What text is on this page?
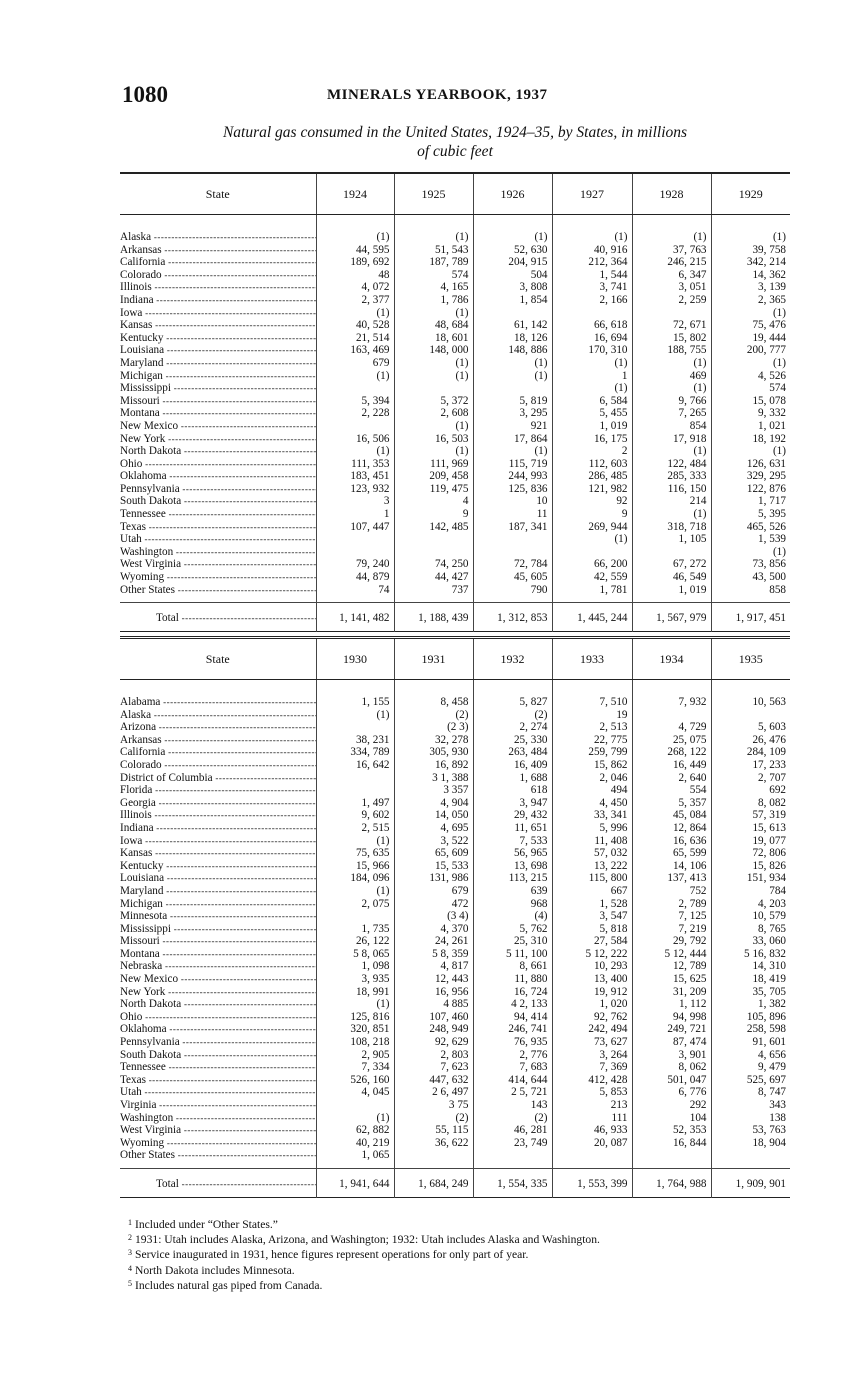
1080	MINERALS YEARBOOK, 1937
Natural gas consumed in the United States, 1924–35, by States, in millions
of cubic feet
State	1924	1925	1926	1927	1928	1929
Alaska -----	(1)	(1)	(1)	(1)	(1)	(1)
Arkansas -----	44, 595	51, 543	52, 630	40, 916	37, 763	39, 758
California -----	189, 692	187, 789	204, 915	212, 364	246, 215	342, 214
Colorado -----	48	574	504	1, 544	6, 347	14, 362
Illinois -----	4, 072	4, 165	3, 808	3, 741	3, 051	3, 139
Indiana -----	2, 377	1, 786	1, 854	2, 166	2, 259	2, 365
Iowa -----	(1)	(1)				(1)
Kansas -----	40, 528	48, 684	61, 142	66, 618	72, 671	75, 476
Kentucky -----	21, 514	18, 601	18, 126	16, 694	15, 802	19, 444
Louisiana -----	163, 469	148, 000	148, 886	170, 310	188, 755	200, 777
Maryland -----	679	(1)	(1)	(1)	(1)	(1)
Michigan -----	(1)	(1)	(1)	1	469	4, 526
Mississippi -----				(1)	(1)	574
Missouri -----	5, 394	5, 372	5, 819	6, 584	9, 766	15, 078
Montana -----	2, 228	2, 608	3, 295	5, 455	7, 265	9, 332
New Mexico -----		(1)	921	1, 019	854	1, 021
New York -----	16, 506	16, 503	17, 864	16, 175	17, 918	18, 192
North Dakota -----	(1)	(1)	(1)	2	(1)	(1)
Ohio -----	111, 353	111, 969	115, 719	112, 603	122, 484	126, 631
Oklahoma -----	183, 451	209, 458	244, 993	286, 485	285, 333	329, 295
Pennsylvania -----	123, 932	119, 475	125, 836	121, 982	116, 150	122, 876
South Dakota -----	3	4	10	92	214	1, 717
Tennessee -----	1	9	11	9	(1)	5, 395
Texas -----	107, 447	142, 485	187, 341	269, 944	318, 718	465, 526
Utah -----				(1)	1, 105	1, 539
Washington -----						(1)
West Virginia -----	79, 240	74, 250	72, 784	66, 200	67, 272	73, 856
Wyoming -----	44, 879	44, 427	45, 605	42, 559	46, 549	43, 500
Other States -----	74	737	790	1, 781	1, 019	858
Total -----	1, 141, 482	1, 188, 439	1, 312, 853	1, 445, 244	1, 567, 979	1, 917, 451
State	1930	1931	1932	1933	1934	1935
Alabama -----	1, 155	8, 458	5, 827	7, 510	7, 932	10, 563
Alaska -----	(1)	(2)	(2)	19		
Arizona -----		(2 3)	2, 274	2, 513	4, 729	5, 603
Arkansas -----	38, 231	32, 278	25, 330	22, 775	25, 075	26, 476
California -----	334, 789	305, 930	263, 484	259, 799	268, 122	284, 109
Colorado -----	16, 642	16, 892	16, 409	15, 862	16, 449	17, 233
District of Columbia -----		3 1, 388	1, 688	2, 046	2, 640	2, 707
Florida -----		3 357	618	494	554	692
Georgia -----	1, 497	4, 904	3, 947	4, 450	5, 357	8, 082
Illinois -----	9, 602	14, 050	29, 432	33, 341	45, 084	57, 319
Indiana -----	2, 515	4, 695	11, 651	5, 996	12, 864	15, 613
Iowa -----	(1)	3, 522	7, 533	11, 408	16, 636	19, 077
Kansas -----	75, 635	65, 609	56, 965	57, 032	65, 599	72, 806
Kentucky -----	15, 966	15, 533	13, 698	13, 222	14, 106	15, 826
Louisiana -----	184, 096	131, 986	113, 215	115, 800	137, 413	151, 934
Maryland -----	(1)	679	639	667	752	784
Michigan -----	2, 075	472	968	1, 528	2, 789	4, 203
Minnesota -----		(3 4)	(4)	3, 547	7, 125	10, 579
Mississippi -----	1, 735	4, 370	5, 762	5, 818	7, 219	8, 765
Missouri -----	26, 122	24, 261	25, 310	27, 584	29, 792	33, 060
Montana -----	5 8, 065	5 8, 359	5 11, 100	5 12, 222	5 12, 444	5 16, 832
Nebraska -----	1, 098	4, 817	8, 661	10, 293	12, 789	14, 310
New Mexico -----	3, 935	12, 443	11, 880	13, 400	15, 625	18, 419
New York -----	18, 991	16, 956	16, 724	19, 912	31, 209	35, 705
North Dakota -----	(1)	4 885	4 2, 133	1, 020	1, 112	1, 382
Ohio -----	125, 816	107, 460	94, 414	92, 762	94, 998	105, 896
Oklahoma -----	320, 851	248, 949	246, 741	242, 494	249, 721	258, 598
Pennsylvania -----	108, 218	92, 629	76, 935	73, 627	87, 474	91, 601
South Dakota -----	2, 905	2, 803	2, 776	3, 264	3, 901	4, 656
Tennessee -----	7, 334	7, 623	7, 683	7, 369	8, 062	9, 479
Texas -----	526, 160	447, 632	414, 644	412, 428	501, 047	525, 697
Utah -----	4, 045	2 6, 497	2 5, 721	5, 853	6, 776	8, 747
Virginia -----		3 75	143	213	292	343
Washington -----	(1)	(2)	(2)	111	104	138
West Virginia -----	62, 882	55, 115	46, 281	46, 933	52, 353	53, 763
Wyoming -----	40, 219	36, 622	23, 749	20, 087	16, 844	18, 904
Other States -----	1, 065					
Total -----	1, 941, 644	1, 684, 249	1, 554, 335	1, 553, 399	1, 764, 988	1, 909, 901
$^1$ Included under “Other States.”
$^2$ 1931: Utah includes Alaska, Arizona, and Washington; 1932: Utah includes Alaska and Washington.
$^3$ Service inaugurated in 1931, hence figures represent operations for only part of year.
$^4$ North Dakota includes Minnesota.
$^5$ Includes natural gas piped from Canada.
